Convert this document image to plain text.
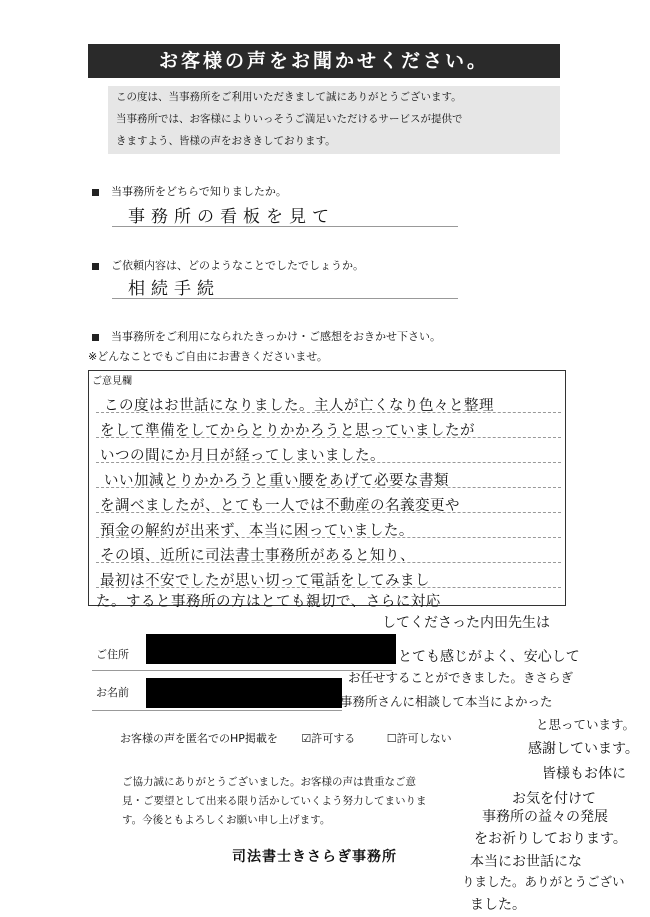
お客様の声をお聞かせください。
この度は、当事務所をご利用いただきまして誠にありがとうございます。
当事務所では、お客様によりいっそうご満足いただけるサービスが提供で
きますよう、皆様の声をおききしております。
当事務所をどちらで知りましたか。
事務所の看板を見て
ご依頼内容は、どのようなことでしたでしょうか。
相続手続
当事務所をご利用になられたきっかけ・ご感想をおきかせ下さい。
※どんなことでもご自由にお書きくださいませ。
ご意見欄
この度はお世話になりました。主人が亡くなり色々と整理
をして準備をしてからとりかかろうと思っていましたが
いつの間にか月日が経ってしまいました。
いい加減とりかかろうと重い腰をあげて必要な書類
を調べましたが、とても一人では不動産の名義変更や
預金の解約が出来ず、本当に困っていました。
その頃、近所に司法書士事務所があると知り、
最初は不安でしたが思い切って電話をしてみまし
た。すると事務所の方はとても親切で、さらに対応
ご住所
お名前
してくださった内田先生は
とても感じがよく、安心して
お任せすることができました。きさらぎ
事務所さんに相談して本当によかった
と思っています。
感謝しています。
皆様もお体に
お気を付けて
事務所の益々の発展
をお祈りしております。
本当にお世話にな
りました。ありがとうござい
ました。
お客様の声を匿名でのHP掲載を ☑許可する	☐許可しない
ご協力誠にありがとうございました。お客様の声は貴重なご意
見・ご要望として出来る限り活かしていくよう努力してまいりま
す。今後ともよろしくお願い申し上げます。
司法書士きさらぎ事務所
